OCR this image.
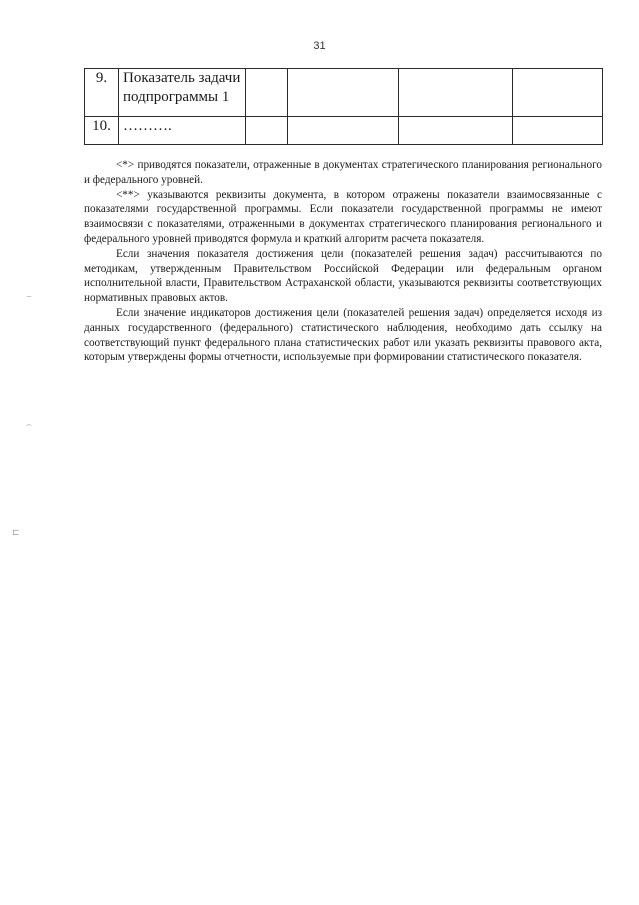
31
9.	Показатель задачи подпрограммы 1				
10.	……….				

<*> приводятся показатели, отраженные в документах стратегического планирования регионального и федерального уровней.

<**> указываются реквизиты документа, в котором отражены показатели взаимосвязанные с показателями государственной программы. Если показатели государственной программы не имеют взаимосвязи с показателями, отраженными в документах стратегического планирования регионального и федерального уровней приводятся формула и краткий алгоритм расчета показателя.

Если значения показателя достижения цели (показателей решения задач) рассчитываются по методикам, утвержденным Правительством Российской Федерации или федеральным органом исполнительной власти, Правительством Астраханской области, указываются реквизиты соответствующих нормативных правовых актов.

Если значение индикаторов достижения цели (показателей решения задач) определяется исходя из данных государственного (федерального) статистического наблюдения, необходимо дать ссылку на соответствующий пункт федерального плана статистических работ или указать реквизиты правового акта, которым утверждены формы отчетности, используемые при формировании статистического показателя.

⌣
⌢
⊏
